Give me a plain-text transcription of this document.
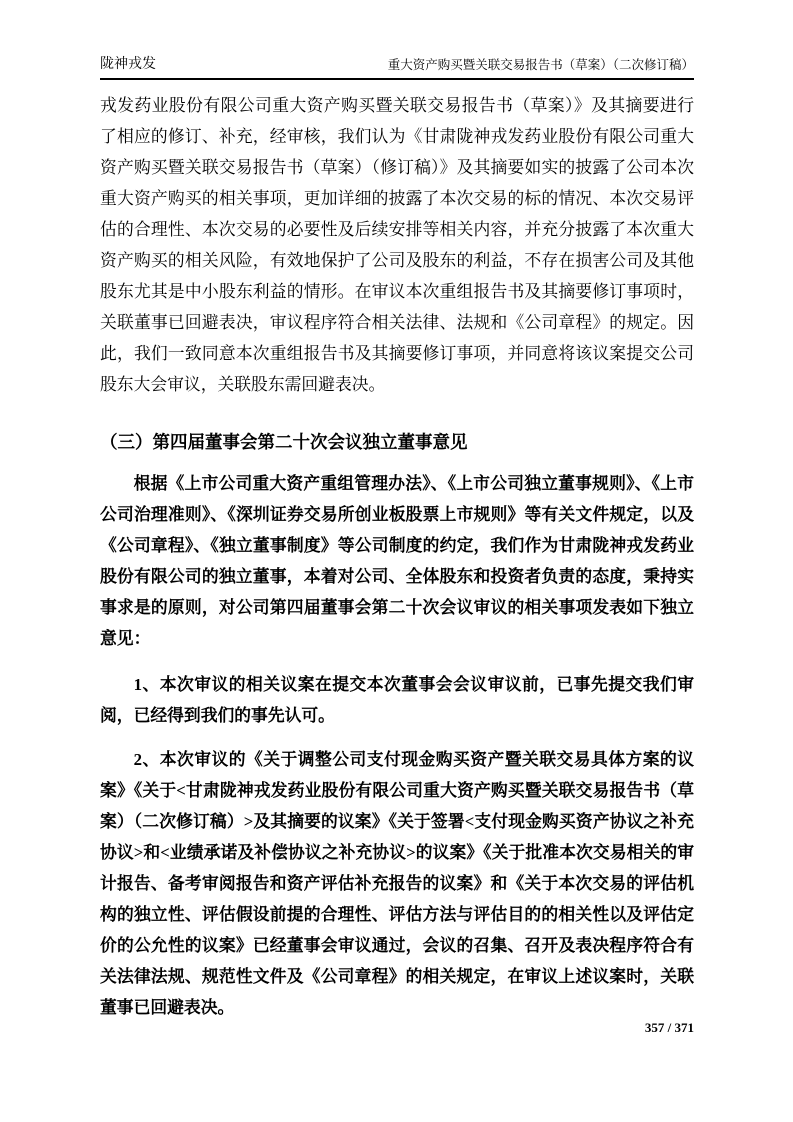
陇神戎发	重大资产购买暨关联交易报告书（草案）（二次修订稿）

戎发药业股份有限公司重大资产购买暨关联交易报告书（草案）》及其摘要进行了相应的修订、补充，经审核，我们认为《甘肃陇神戎发药业股份有限公司重大资产购买暨关联交易报告书（草案）（修订稿）》及其摘要如实的披露了公司本次重大资产购买的相关事项，更加详细的披露了本次交易的标的情况、本次交易评估的合理性、本次交易的必要性及后续安排等相关内容，并充分披露了本次重大资产购买的相关风险，有效地保护了公司及股东的利益，不存在损害公司及其他股东尤其是中小股东利益的情形。在审议本次重组报告书及其摘要修订事项时，关联董事已回避表决，审议程序符合相关法律、法规和《公司章程》的规定。因此，我们一致同意本次重组报告书及其摘要修订事项，并同意将该议案提交公司股东大会审议，关联股东需回避表决。

（三）第四届董事会第二十次会议独立董事意见

根据《上市公司重大资产重组管理办法》、《上市公司独立董事规则》、《上市公司治理准则》、《深圳证券交易所创业板股票上市规则》等有关文件规定，以及《公司章程》、《独立董事制度》等公司制度的约定，我们作为甘肃陇神戎发药业股份有限公司的独立董事，本着对公司、全体股东和投资者负责的态度，秉持实事求是的原则，对公司第四届董事会第二十次会议审议的相关事项发表如下独立意见：

1、本次审议的相关议案在提交本次董事会会议审议前，已事先提交我们审阅，已经得到我们的事先认可。

2、本次审议的《关于调整公司支付现金购买资产暨关联交易具体方案的议案》《关于<甘肃陇神戎发药业股份有限公司重大资产购买暨关联交易报告书（草案）（二次修订稿）>及其摘要的议案》《关于签署<支付现金购买资产协议之补充协议>和<业绩承诺及补偿协议之补充协议>的议案》《关于批准本次交易相关的审计报告、备考审阅报告和资产评估补充报告的议案》和《关于本次交易的评估机构的独立性、评估假设前提的合理性、评估方法与评估目的的相关性以及评估定价的公允性的议案》已经董事会审议通过，会议的召集、召开及表决程序符合有关法律法规、规范性文件及《公司章程》的相关规定，在审议上述议案时，关联董事已回避表决。

357 / 371
